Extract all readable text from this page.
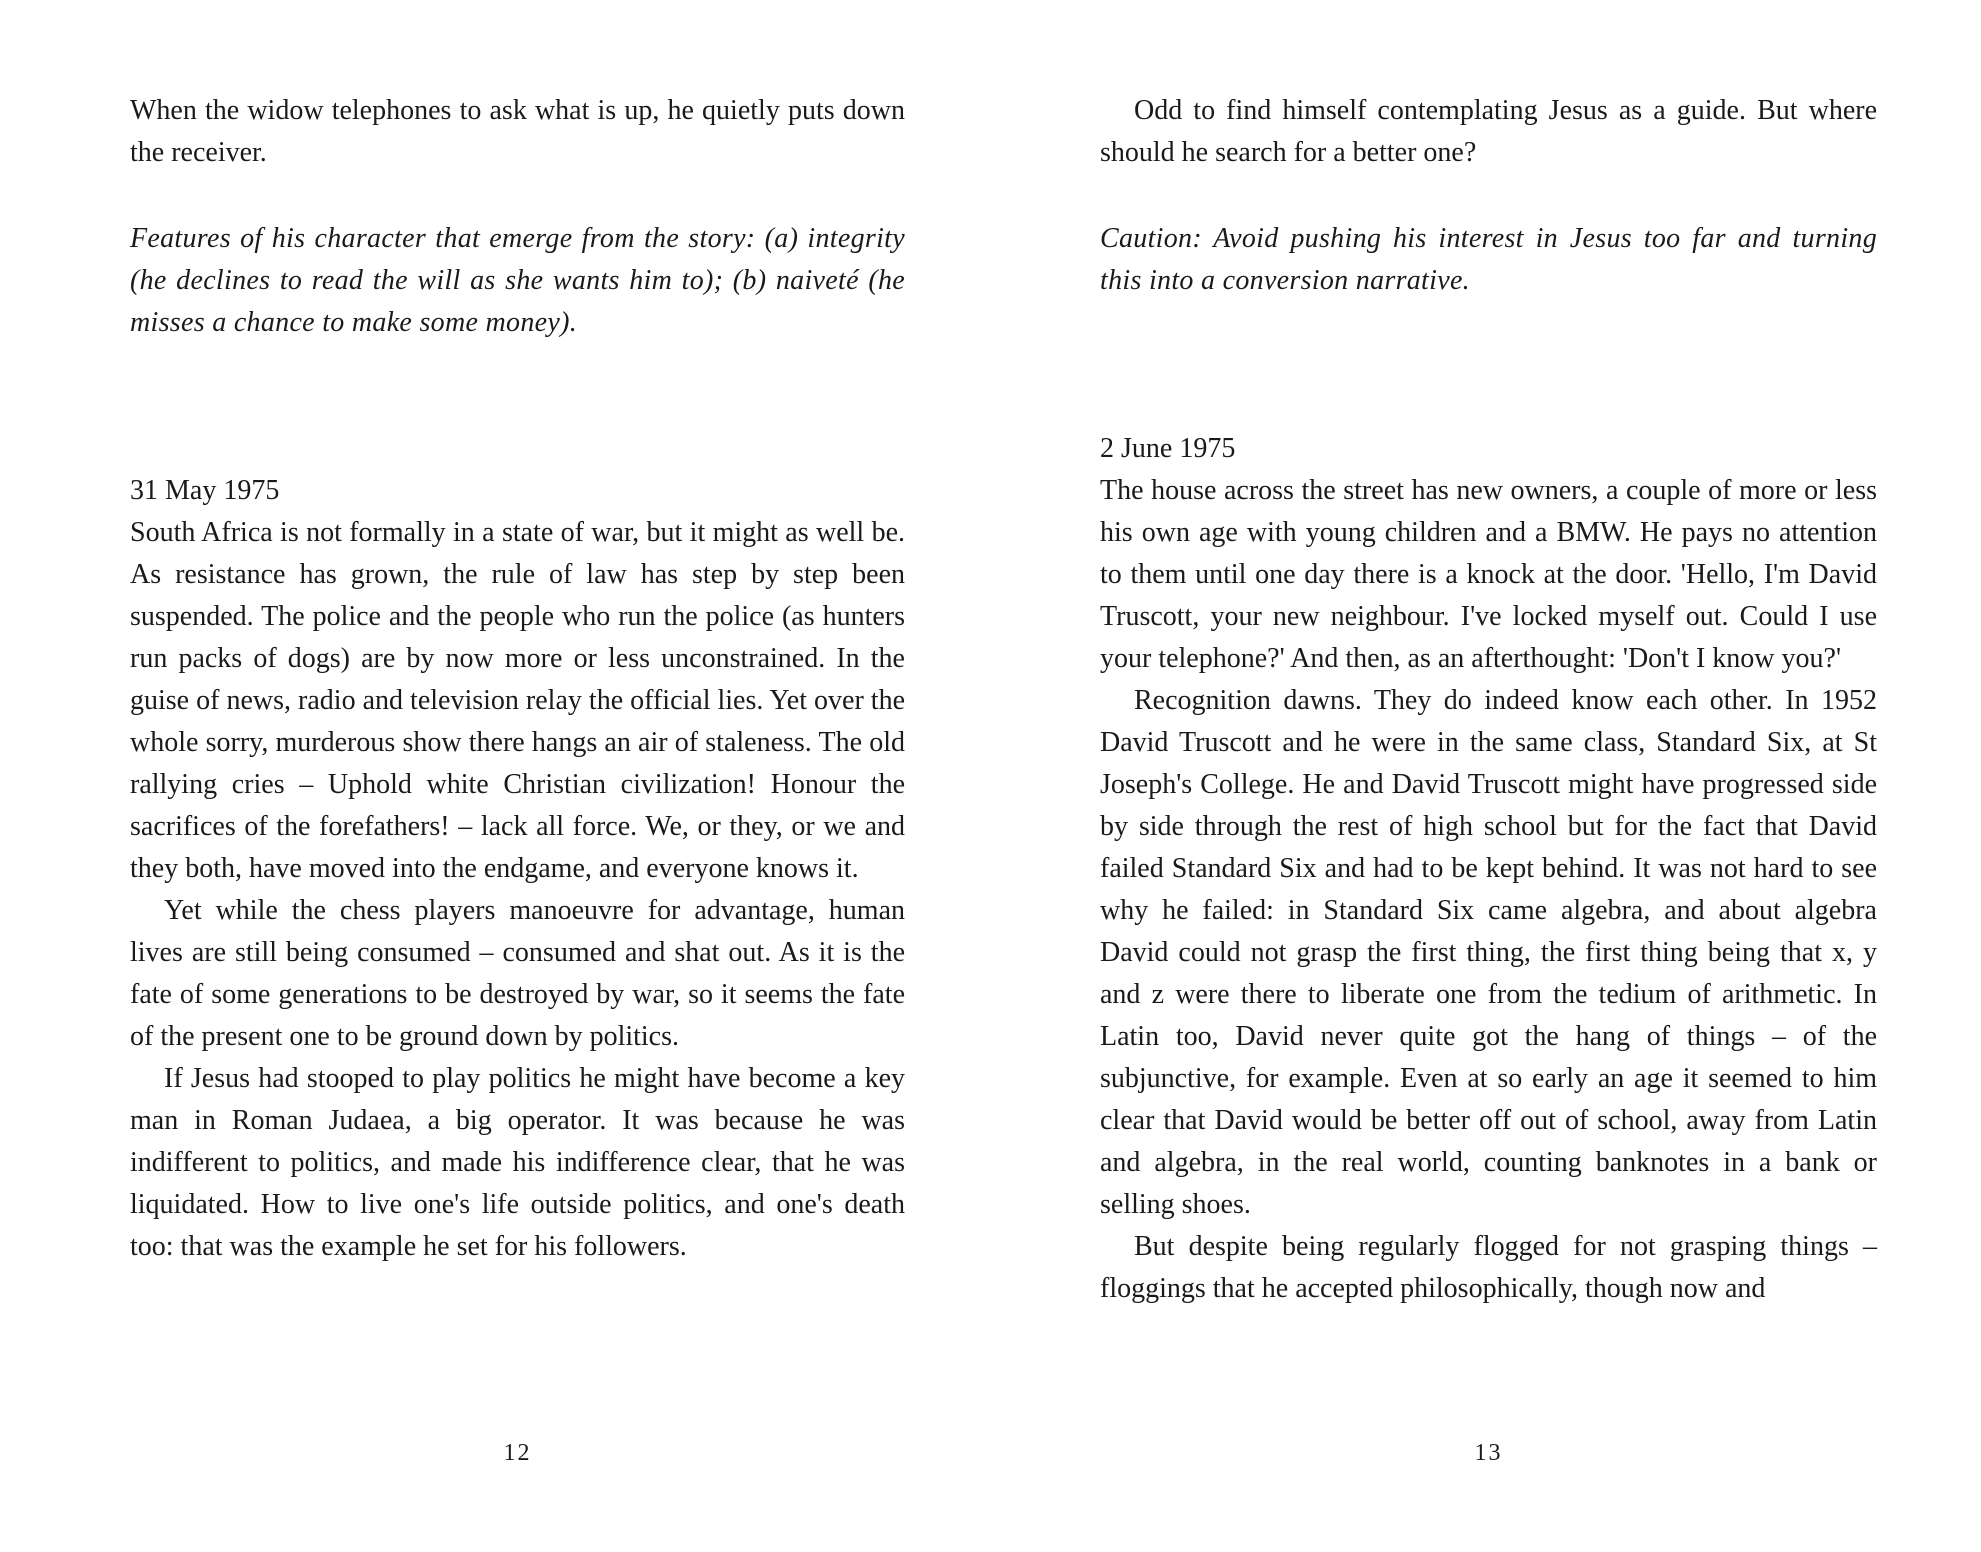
When the widow telephones to ask what is up, he quietly puts down the receiver.

Features of his character that emerge from the story: (a) integrity (he declines to read the will as she wants him to); (b) naiveté (he misses a chance to make some money).

31 May 1975

South Africa is not formally in a state of war, but it might as well be. As resistance has grown, the rule of law has step by step been suspended. The police and the people who run the police (as hunters run packs of dogs) are by now more or less unconstrained. In the guise of news, radio and television relay the official lies. Yet over the whole sorry, murderous show there hangs an air of staleness. The old rallying cries – Uphold white Christian civilization! Honour the sacrifices of the forefathers! – lack all force. We, or they, or we and they both, have moved into the endgame, and everyone knows it.

Yet while the chess players manoeuvre for advantage, human lives are still being consumed – consumed and shat out. As it is the fate of some generations to be destroyed by war, so it seems the fate of the present one to be ground down by politics.

If Jesus had stooped to play politics he might have become a key man in Roman Judaea, a big operator. It was because he was indifferent to politics, and made his indifference clear, that he was liquidated. How to live one's life outside politics, and one's death too: that was the example he set for his followers.

12

Odd to find himself contemplating Jesus as a guide. But where should he search for a better one?

Caution: Avoid pushing his interest in Jesus too far and turning this into a conversion narrative.

2 June 1975

The house across the street has new owners, a couple of more or less his own age with young children and a BMW. He pays no attention to them until one day there is a knock at the door. 'Hello, I'm David Truscott, your new neighbour. I've locked myself out. Could I use your telephone?' And then, as an afterthought: 'Don't I know you?'

Recognition dawns. They do indeed know each other. In 1952 David Truscott and he were in the same class, Standard Six, at St Joseph's College. He and David Truscott might have progressed side by side through the rest of high school but for the fact that David failed Standard Six and had to be kept behind. It was not hard to see why he failed: in Standard Six came algebra, and about algebra David could not grasp the first thing, the first thing being that x, y and z were there to liberate one from the tedium of arithmetic. In Latin too, David never quite got the hang of things – of the subjunctive, for example. Even at so early an age it seemed to him clear that David would be better off out of school, away from Latin and algebra, in the real world, counting banknotes in a bank or selling shoes.

But despite being regularly flogged for not grasping things – floggings that he accepted philosophically, though now and

13
